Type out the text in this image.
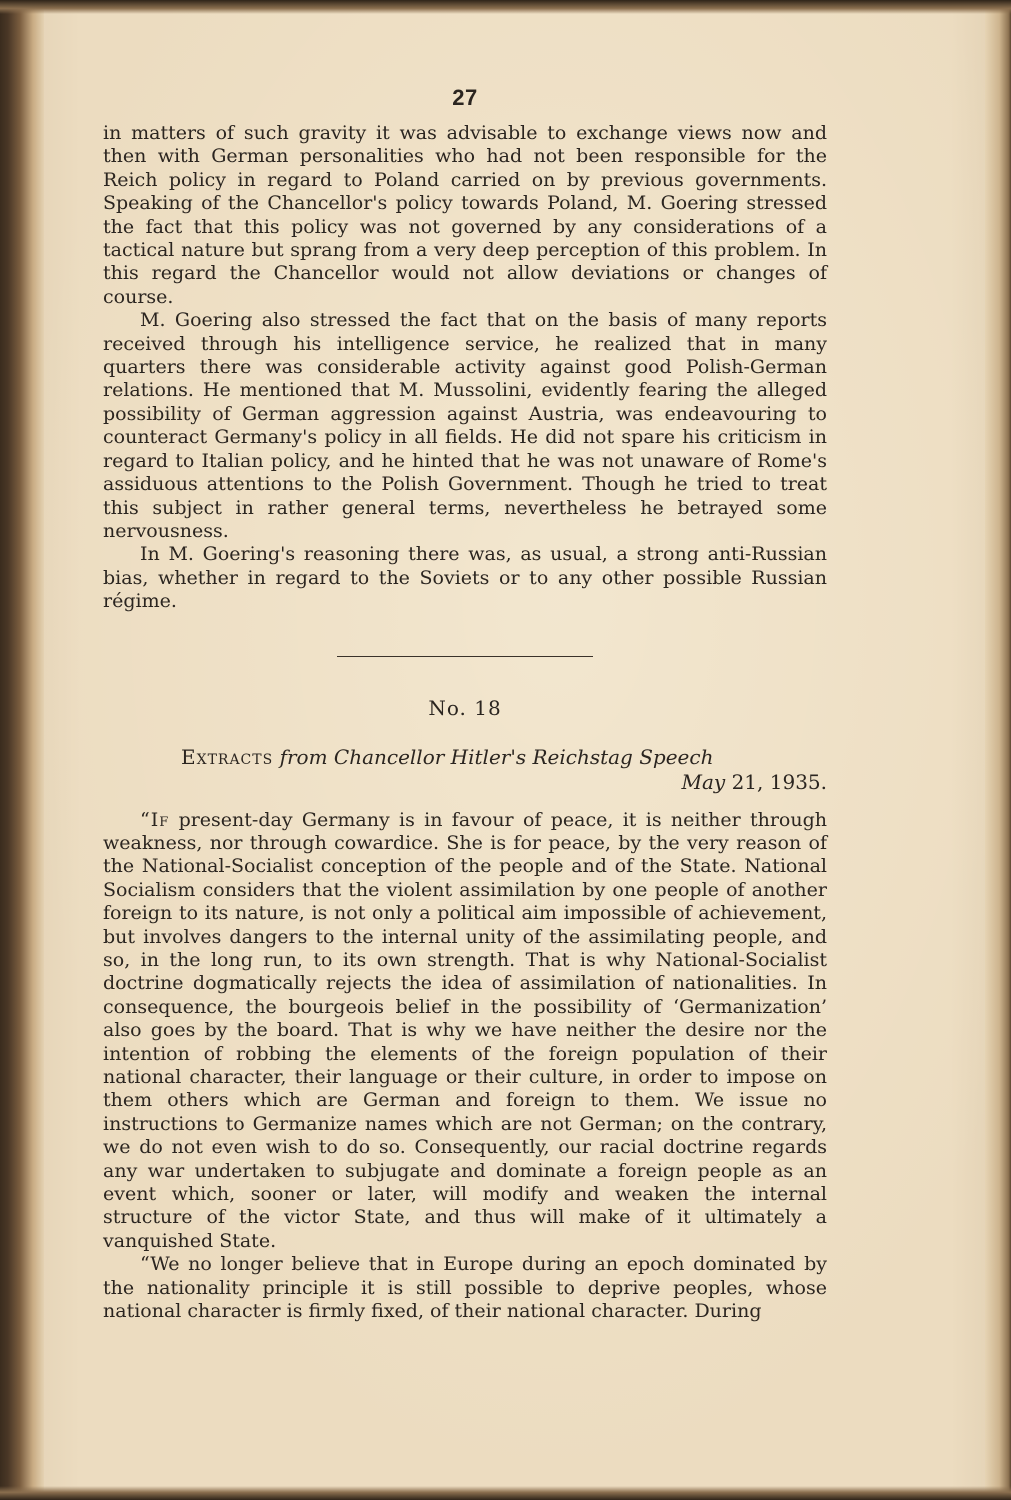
27

in matters of such gravity it was advisable to exchange views now and then with German personalities who had not been responsible for the Reich policy in regard to Poland carried on by previous governments. Speaking of the Chancellor's policy towards Poland, M. Goering stressed the fact that this policy was not governed by any considerations of a tactical nature but sprang from a very deep perception of this problem. In this regard the Chancellor would not allow deviations or changes of course.

M. Goering also stressed the fact that on the basis of many reports received through his intelligence service, he realized that in many quarters there was considerable activity against good Polish-German relations. He mentioned that M. Mussolini, evidently fearing the alleged possibility of German aggression against Austria, was endeavouring to counteract Germany's policy in all fields. He did not spare his criticism in regard to Italian policy, and he hinted that he was not unaware of Rome's assiduous attentions to the Polish Government. Though he tried to treat this subject in rather general terms, nevertheless he betrayed some nervousness.

In M. Goering's reasoning there was, as usual, a strong anti-Russian bias, whether in regard to the Soviets or to any other possible Russian régime.

No. 18
Extracts from Chancellor Hitler's Reichstag Speech
May 21, 1935.

“If present-day Germany is in favour of peace, it is neither through weakness, nor through cowardice. She is for peace, by the very reason of the National-Socialist conception of the people and of the State. National Socialism considers that the violent assimilation by one people of another foreign to its nature, is not only a political aim impossible of achievement, but involves dangers to the internal unity of the assimilating people, and so, in the long run, to its own strength. That is why National-Socialist doctrine dogmatically rejects the idea of assimilation of nationalities. In consequence, the bourgeois belief in the possibility of ‘Germanization’ also goes by the board. That is why we have neither the desire nor the intention of robbing the elements of the foreign population of their national character, their language or their culture, in order to impose on them others which are German and foreign to them. We issue no instructions to Germanize names which are not German; on the contrary, we do not even wish to do so. Consequently, our racial doctrine regards any war undertaken to subjugate and dominate a foreign people as an event which, sooner or later, will modify and weaken the internal structure of the victor State, and thus will make of it ultimately a vanquished State.

“We no longer believe that in Europe during an epoch dominated by the nationality principle it is still possible to deprive peoples, whose national character is firmly fixed, of their national character. During
